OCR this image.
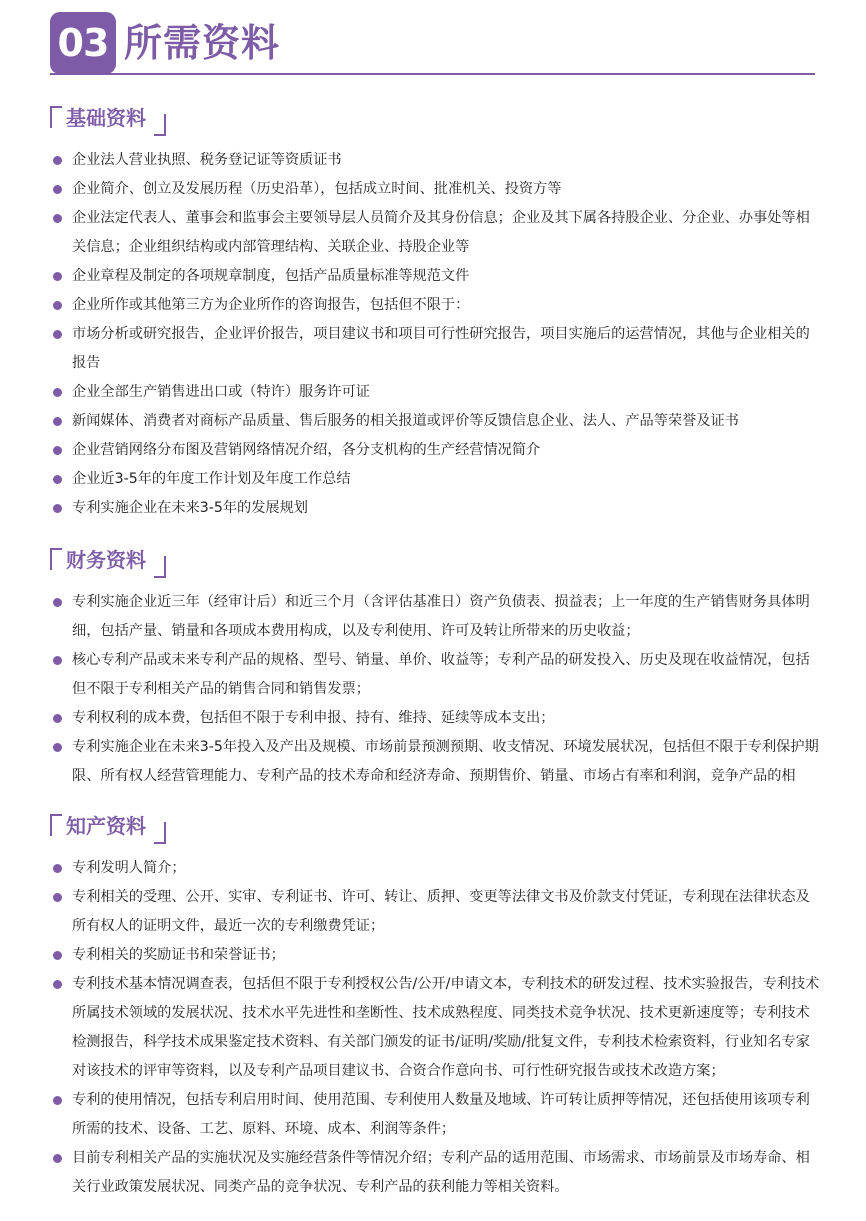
03 所需资料
基础资料
企业法人营业执照、税务登记证等资质证书
企业简介、创立及发展历程（历史沿革），包括成立时间、批准机关、投资方等
企业法定代表人、董事会和监事会主要领导层人员简介及其身份信息；企业及其下属各持股企业、分企业、办事处等相关信息；企业组织结构或内部管理结构、关联企业、持股企业等
企业章程及制定的各项规章制度，包括产品质量标准等规范文件
企业所作或其他第三方为企业所作的咨询报告，包括但不限于：
市场分析或研究报告，企业评价报告，项目建议书和项目可行性研究报告，项目实施后的运营情况，其他与企业相关的报告
企业全部生产销售进出口或（特许）服务许可证
新闻媒体、消费者对商标产品质量、售后服务的相关报道或评价等反馈信息企业、法人、产品等荣誉及证书
企业营销网络分布图及营销网络情况介绍，各分支机构的生产经营情况简介
企业近3-5年的年度工作计划及年度工作总结
专利实施企业在未来3-5年的发展规划
财务资料
专利实施企业近三年（经审计后）和近三个月（含评估基准日）资产负债表、损益表；上一年度的生产销售财务具体明细，包括产量、销量和各项成本费用构成，以及专利使用、许可及转让所带来的历史收益；
核心专利产品或未来专利产品的规格、型号、销量、单价、收益等；专利产品的研发投入、历史及现在收益情况，包括但不限于专利相关产品的销售合同和销售发票；
专利权利的成本费，包括但不限于专利申报、持有、维持、延续等成本支出；
专利实施企业在未来3-5年投入及产出及规模、市场前景预测预期、收支情况、环境发展状况，包括但不限于专利保护期限、所有权人经营管理能力、专利产品的技术寿命和经济寿命、预期售价、销量、市场占有率和利润，竞争产品的相
知产资料
专利发明人简介；
专利相关的受理、公开、实审、专利证书、许可、转让、质押、变更等法律文书及价款支付凭证，专利现在法律状态及所有权人的证明文件，最近一次的专利缴费凭证；
专利相关的奖励证书和荣誉证书；
专利技术基本情况调查表，包括但不限于专利授权公告/公开/申请文本，专利技术的研发过程、技术实验报告，专利技术所属技术领域的发展状况、技术水平先进性和垄断性、技术成熟程度、同类技术竞争状况、技术更新速度等；专利技术检测报告，科学技术成果鉴定技术资料、有关部门颁发的证书/证明/奖励/批复文件，专利技术检索资料，行业知名专家对该技术的评审等资料，以及专利产品项目建议书、合资合作意向书、可行性研究报告或技术改造方案；
专利的使用情况，包括专利启用时间、使用范围、专利使用人数量及地域、许可转让质押等情况，还包括使用该项专利所需的技术、设备、工艺、原料、环境、成本、利润等条件；
目前专利相关产品的实施状况及实施经营条件等情况介绍；专利产品的适用范围、市场需求、市场前景及市场寿命、相关行业政策发展状况、同类产品的竞争状况、专利产品的获利能力等相关资料。
